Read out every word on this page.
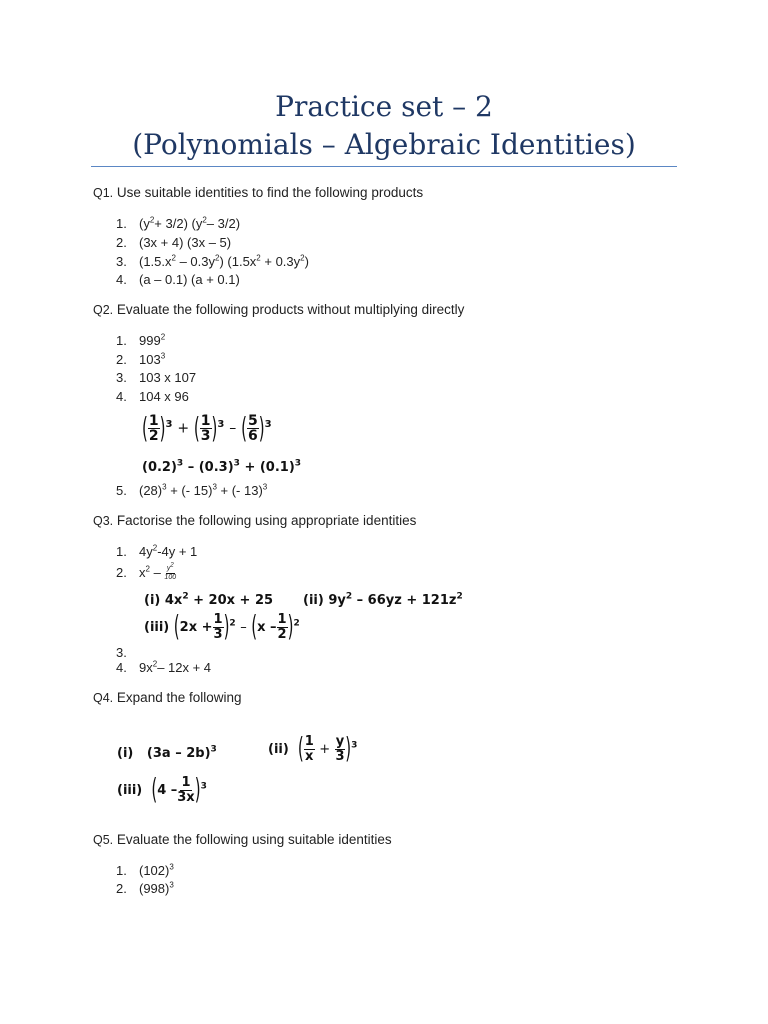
Practice set – 2
(Polynomials – Algebraic Identities)
Q1. Use suitable identities to find the following products
1. $(y^2+ 3/2)$ ($y^2-$ 3/2)
2. (3x + 4) (3x – 5)
3. $(1.5.x^2 - 0.3y^2) (1.5x^2 + 0.3y^2)$
4. (a – 0.1) (a + 0.1)
Q2. Evaluate the following products without multiplying directly
1. $999^2$
2. $103^3$
3. 103 x 107
4. 104 x 96
( $\frac{1}{2} )^3$ + ( $\frac{1}{3} )^3$ – ( $\frac{5}{6} )^3$
$(0.2)^3 - (0.3)^3 + (0.1)^3$
5. $(28)^3$ + (- 15)$^3$ + (- 13)$^3$
Q3. Factorise the following using appropriate identities
1. $4y^2-4y + 1$
2. $x^2 - \frac{y^2}{100}$
(i) $4x^2 + 20x + 25$ (ii) $9y^2 - 66yz + 121z^2$
(iii) $(2x + \frac{1}{3} )^2 - (x - \frac{1}{2} )^2$
3.
4. $9x^2-$ 12x + 4
Q4. Expand the following
(i) (3a – 2b)$^3$	(ii) ( $\frac{1}{x} + \frac{y}{3} )^3$
(iii) $(4 - \frac{1}{3x} )^3$
Q5. Evaluate the following using suitable identities
1. $(102)^3$
2. $(998)^3$
